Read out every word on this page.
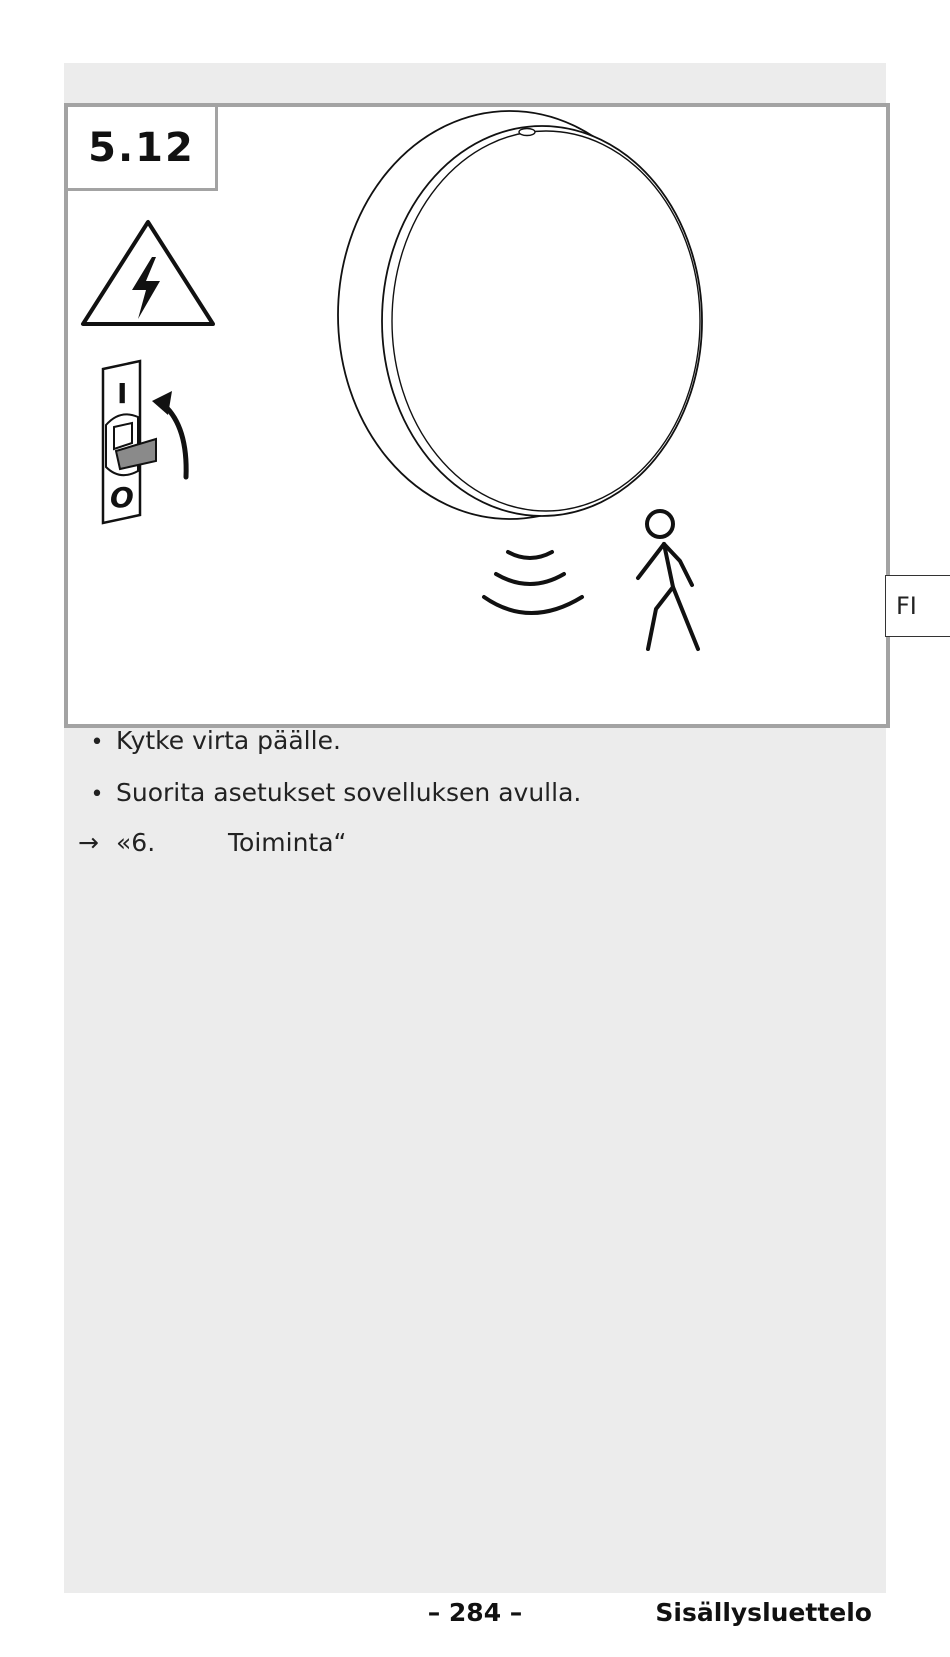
I
O
5.12
FI
• Kytke virta päälle.
• Suorita asetukset sovelluksen avulla.
→ «6.	Toiminta“
– 284 –	Sisällysluettelo
